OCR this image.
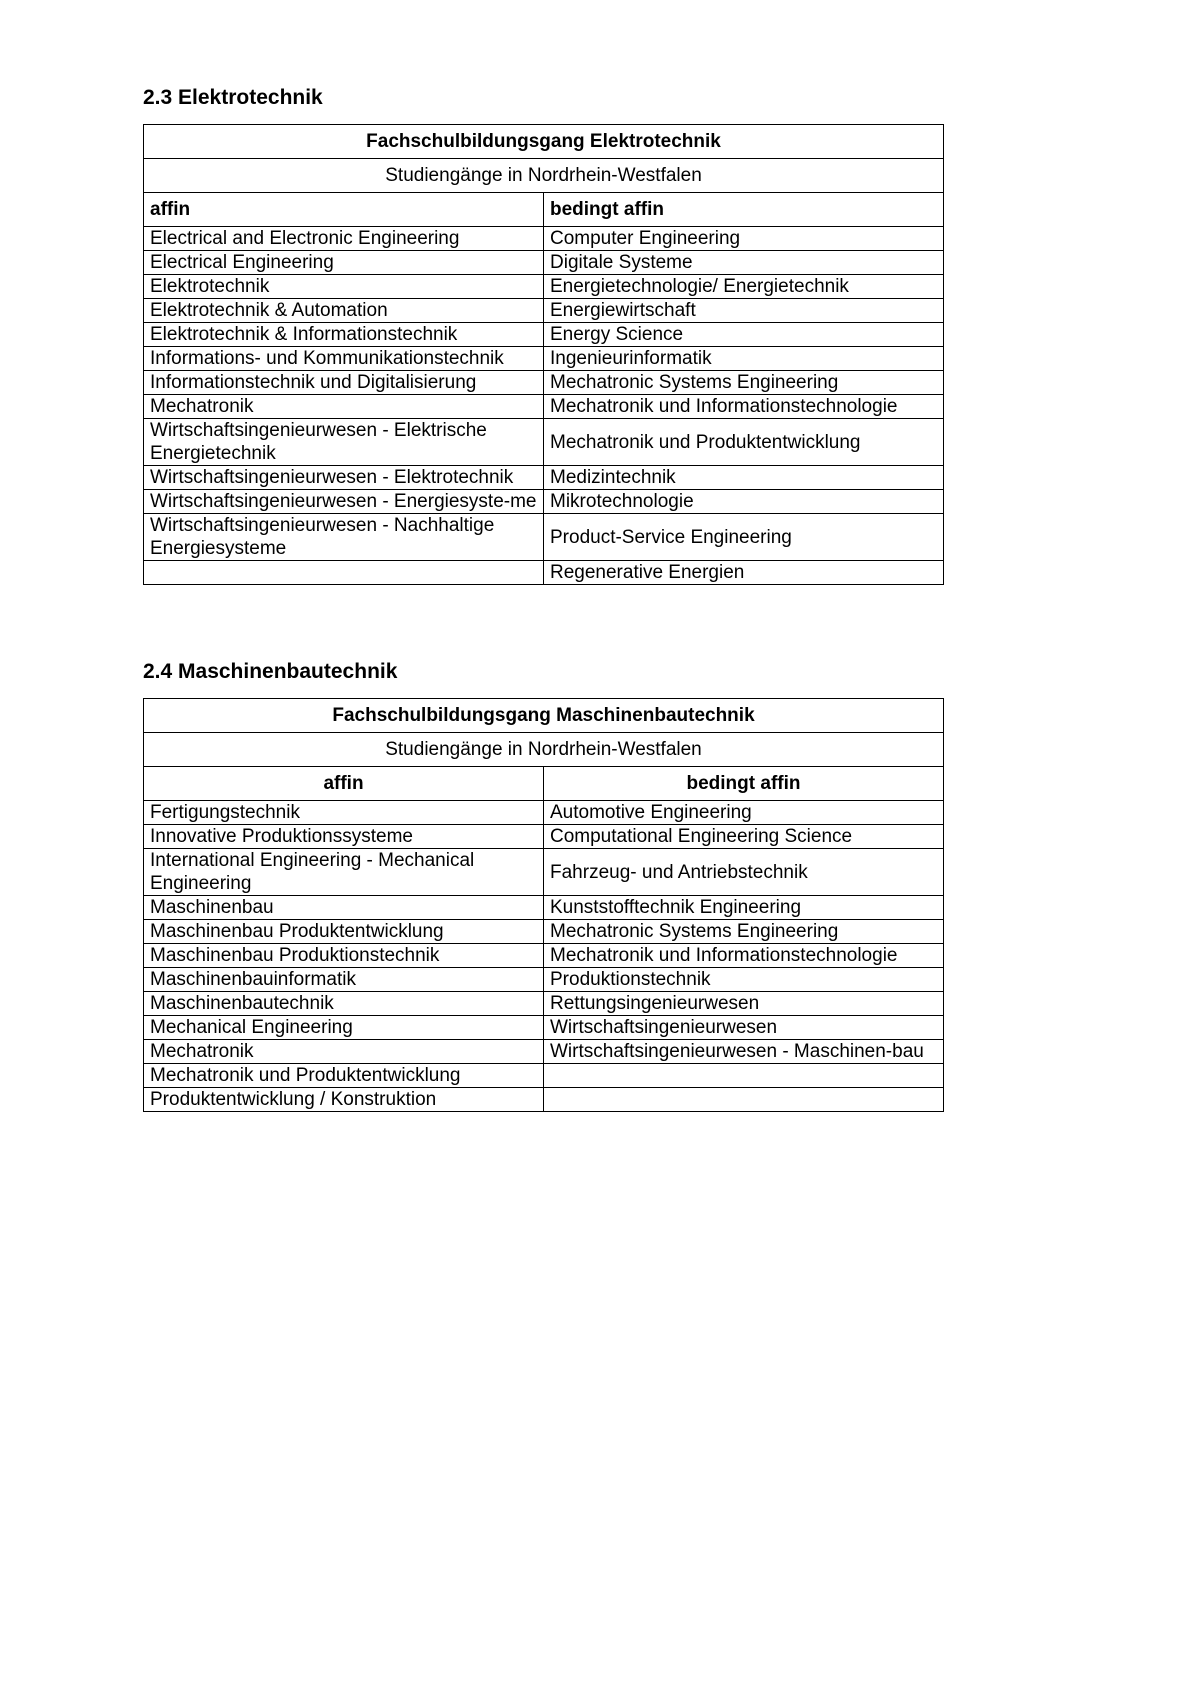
2.3 Elektrotechnik
Fachschulbildungsgang Elektrotechnik	
Studiengänge in Nordrhein-Westfalen	
affin	bedingt affin
Electrical and Electronic Engineering	Computer Engineering
Electrical Engineering	Digitale Systeme
Elektrotechnik	Energietechnologie/ Energietechnik
Elektrotechnik & Automation	Energiewirtschaft
Elektrotechnik & Informationstechnik	Energy Science
Informations- und Kommunikationstechnik	Ingenieurinformatik
Informationstechnik und Digitalisierung	Mechatronic Systems Engineering
Mechatronik	Mechatronik und Informationstechnologie
Wirtschaftsingenieurwesen - Elektrische Energietechnik	Mechatronik und Produktentwicklung
Wirtschaftsingenieurwesen - Elektrotechnik	Medizintechnik
Wirtschaftsingenieurwesen - Energiesyste-me	Mikrotechnologie
Wirtschaftsingenieurwesen - Nachhaltige Energiesysteme	Product-Service Engineering
	Regenerative Energien
2.4 Maschinenbautechnik
Fachschulbildungsgang Maschinenbautechnik	
Studiengänge in Nordrhein-Westfalen	
affin	bedingt affin
Fertigungstechnik	Automotive Engineering
Innovative Produktionssysteme	Computational Engineering Science
International Engineering - Mechanical Engineering	Fahrzeug- und Antriebstechnik
Maschinenbau	Kunststofftechnik Engineering
Maschinenbau Produktentwicklung	Mechatronic Systems Engineering
Maschinenbau Produktionstechnik	Mechatronik und Informationstechnologie
Maschinenbauinformatik	Produktionstechnik
Maschinenbautechnik	Rettungsingenieurwesen
Mechanical Engineering	Wirtschaftsingenieurwesen
Mechatronik	Wirtschaftsingenieurwesen - Maschinen-bau
Mechatronik und Produktentwicklung	
Produktentwicklung / Konstruktion	
